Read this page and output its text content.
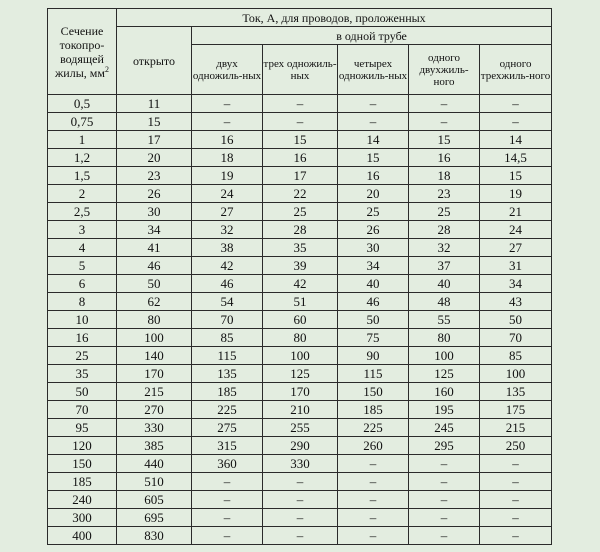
Сечение токопро-водящей жилы, $мм^2$	Ток, А, для проводов, проложенных					
	открыто	в одной трубе				
		двух одножиль-ных	трех одножиль-ных	четырех одножиль-ных	одного двухжиль-ного	одного трехжиль-ного
0,5	11	–	–	–	–	–
0,75	15	–	–	–	–	–
1	17	16	15	14	15	14
1,2	20	18	16	15	16	14,5
1,5	23	19	17	16	18	15
2	26	24	22	20	23	19
2,5	30	27	25	25	25	21
3	34	32	28	26	28	24
4	41	38	35	30	32	27
5	46	42	39	34	37	31
6	50	46	42	40	40	34
8	62	54	51	46	48	43
10	80	70	60	50	55	50
16	100	85	80	75	80	70
25	140	115	100	90	100	85
35	170	135	125	115	125	100
50	215	185	170	150	160	135
70	270	225	210	185	195	175
95	330	275	255	225	245	215
120	385	315	290	260	295	250
150	440	360	330	–	–	–
185	510	–	–	–	–	–
240	605	–	–	–	–	–
300	695	–	–	–	–	–
400	830	–	–	–	–	–
